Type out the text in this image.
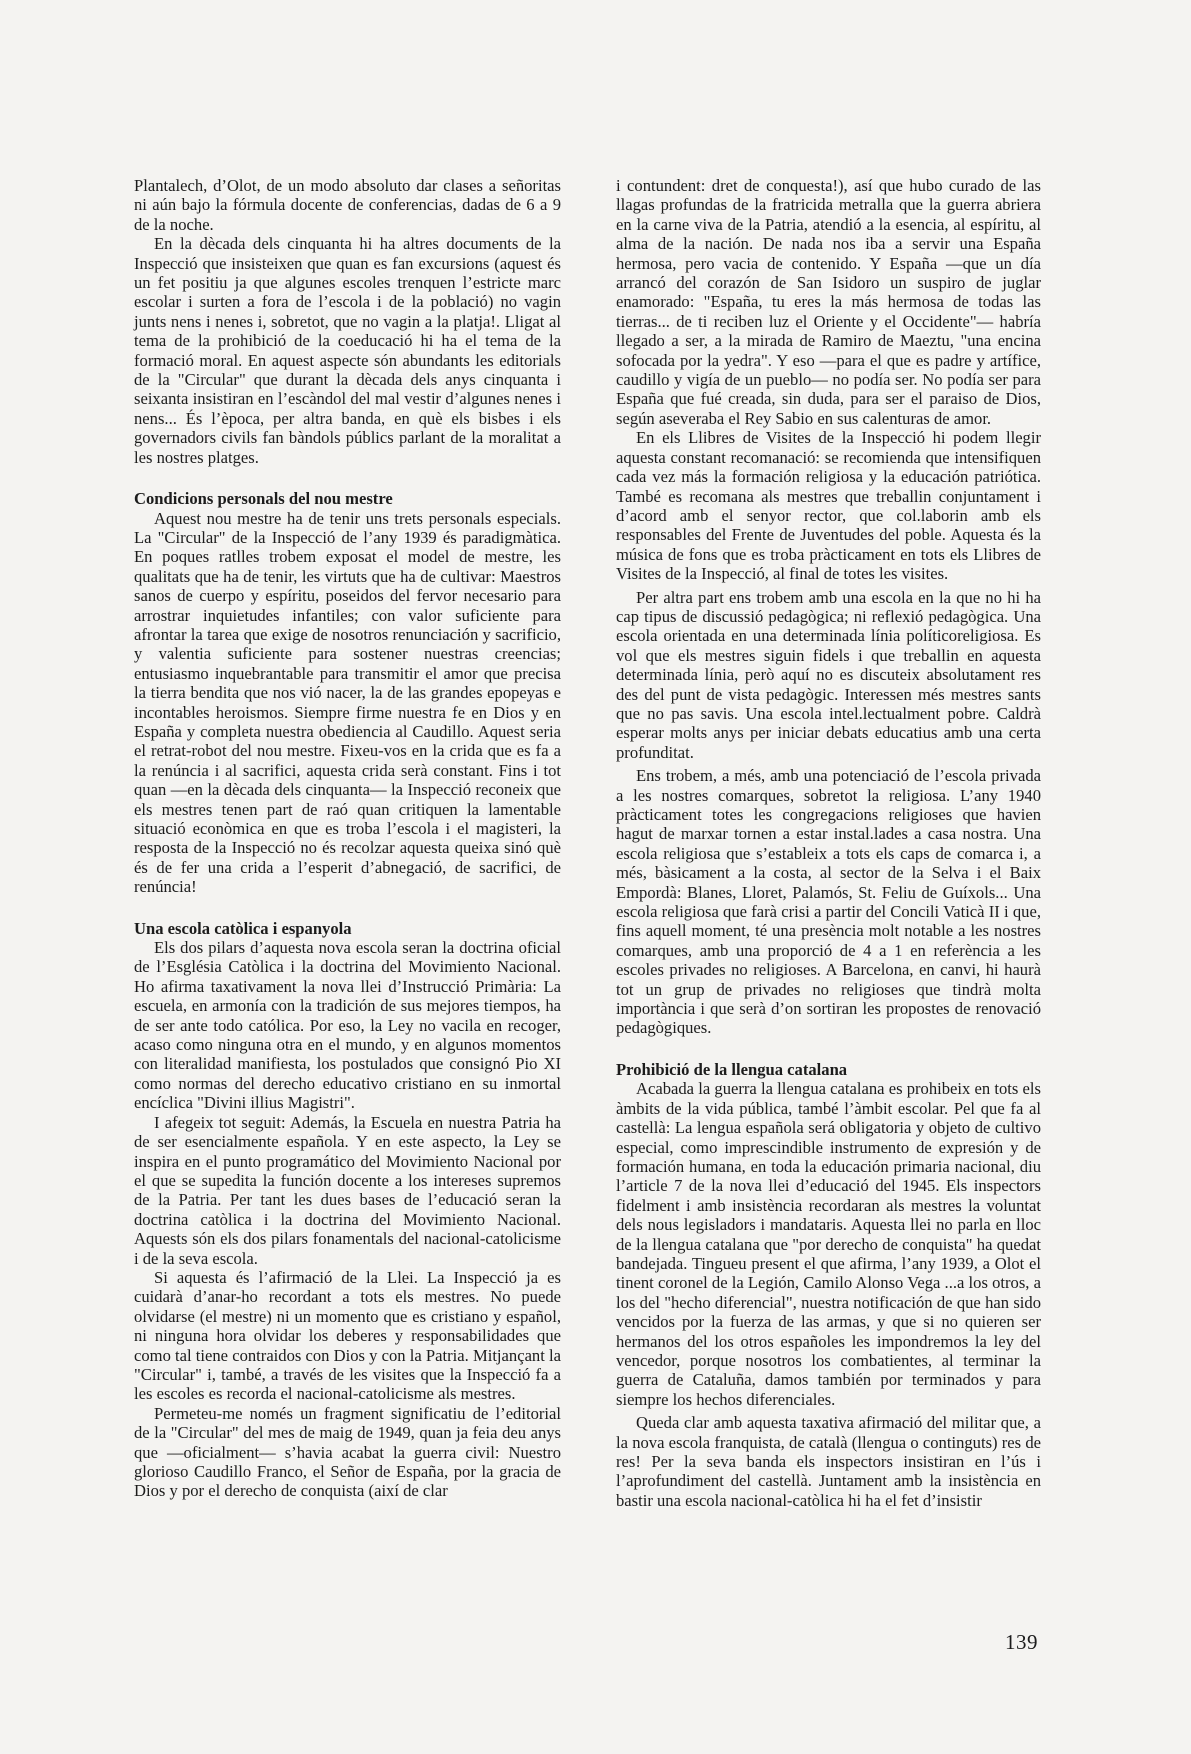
Plantalech, d’Olot, de un modo absoluto dar clases a señoritas ni aún bajo la fórmula docente de conferencias, dadas de 6 a 9 de la noche.

En la dècada dels cinquanta hi ha altres documents de la Inspecció que insisteixen que quan es fan excursions (aquest és un fet positiu ja que algunes escoles trenquen l’estricte marc escolar i surten a fora de l’escola i de la població) no vagin junts nens i nenes i, sobretot, que no vagin a la platja!. Lligat al tema de la prohibició de la coeducació hi ha el tema de la formació moral. En aquest aspecte són abundants les editorials de la "Circular" que durant la dècada dels anys cinquanta i seixanta insistiran en l’escàndol del mal vestir d’algunes nenes i nens... És l’època, per altra banda, en què els bisbes i els governadors civils fan bàndols públics parlant de la moralitat a les nostres platges.

Condicions personals del nou mestre

Aquest nou mestre ha de tenir uns trets personals especials. La "Circular" de la Inspecció de l’any 1939 és paradigmàtica. En poques ratlles trobem exposat el model de mestre, les qualitats que ha de tenir, les virtuts que ha de cultivar: Maestros sanos de cuerpo y espíritu, poseidos del fervor necesario para arrostrar inquietudes infantiles; con valor suficiente para afrontar la tarea que exige de nosotros renunciación y sacrificio, y valentia suficiente para sostener nuestras creencias; entusiasmo inquebrantable para transmitir el amor que precisa la tierra bendita que nos vió nacer, la de las grandes epopeyas e incontables heroismos. Siempre firme nuestra fe en Dios y en España y completa nuestra obediencia al Caudillo. Aquest seria el retrat-robot del nou mestre. Fixeu-vos en la crida que es fa a la renúncia i al sacrifici, aquesta crida serà constant. Fins i tot quan —en la dècada dels cinquanta— la Inspecció reconeix que els mestres tenen part de raó quan critiquen la lamentable situació econòmica en que es troba l’escola i el magisteri, la resposta de la Inspecció no és recolzar aquesta queixa sinó què és de fer una crida a l’esperit d’abnegació, de sacrifici, de renúncia!

Una escola catòlica i espanyola

Els dos pilars d’aquesta nova escola seran la doctrina oficial de l’Església Catòlica i la doctrina del Movimiento Nacional. Ho afirma taxativament la nova llei d’Instrucció Primària: La escuela, en armonía con la tradición de sus mejores tiempos, ha de ser ante todo católica. Por eso, la Ley no vacila en recoger, acaso como ninguna otra en el mundo, y en algunos momentos con literalidad manifiesta, los postulados que consignó Pio XI como normas del derecho educativo cristiano en su inmortal encíclica "Divini illius Magistri".

I afegeix tot seguit: Además, la Escuela en nuestra Patria ha de ser esencialmente española. Y en este aspecto, la Ley se inspira en el punto programático del Movimiento Nacional por el que se supedita la función docente a los intereses supremos de la Patria. Per tant les dues bases de l’educació seran la doctrina catòlica i la doctrina del Movimiento Nacional. Aquests són els dos pilars fonamentals del nacional-catolicisme i de la seva escola.

Si aquesta és l’afirmació de la Llei. La Inspecció ja es cuidarà d’anar-ho recordant a tots els mestres. No puede olvidarse (el mestre) ni un momento que es cristiano y español, ni ninguna hora olvidar los deberes y responsabilidades que como tal tiene contraidos con Dios y con la Patria. Mitjançant la "Circular" i, també, a través de les visites que la Inspecció fa a les escoles es recorda el nacional-catolicisme als mestres.

Permeteu-me només un fragment significatiu de l’editorial de la "Circular" del mes de maig de 1949, quan ja feia deu anys que —oficialment— s’havia acabat la guerra civil: Nuestro glorioso Caudillo Franco, el Señor de España, por la gracia de Dios y por el derecho de conquista (així de clar

i contundent: dret de conquesta!), así que hubo curado de las llagas profundas de la fratricida metralla que la guerra abriera en la carne viva de la Patria, atendió a la esencia, al espíritu, al alma de la nación. De nada nos iba a servir una España hermosa, pero vacia de contenido. Y España —que un día arrancó del corazón de San Isidoro un suspiro de juglar enamorado: "España, tu eres la más hermosa de todas las tierras... de ti reciben luz el Oriente y el Occidente"— habría llegado a ser, a la mirada de Ramiro de Maeztu, "una encina sofocada por la yedra". Y eso —para el que es padre y artífice, caudillo y vigía de un pueblo— no podía ser. No podía ser para España que fué creada, sin duda, para ser el paraiso de Dios, según aseveraba el Rey Sabio en sus calenturas de amor.

En els Llibres de Visites de la Inspecció hi podem llegir aquesta constant recomanació: se recomienda que intensifiquen cada vez más la formación religiosa y la educación patriótica. També es recomana als mestres que treballin conjuntament i d’acord amb el senyor rector, que col.laborin amb els responsables del Frente de Juventudes del poble. Aquesta és la música de fons que es troba pràcticament en tots els Llibres de Visites de la Inspecció, al final de totes les visites.

Per altra part ens trobem amb una escola en la que no hi ha cap tipus de discussió pedagògica; ni reflexió pedagògica. Una escola orientada en una determinada línia políticoreligiosa. Es vol que els mestres siguin fidels i que treballin en aquesta determinada línia, però aquí no es discuteix absolutament res des del punt de vista pedagògic. Interessen més mestres sants que no pas savis. Una escola intel.lectualment pobre. Caldrà esperar molts anys per iniciar debats educatius amb una certa profunditat.

Ens trobem, a més, amb una potenciació de l’escola privada a les nostres comarques, sobretot la religiosa. L’any 1940 pràcticament totes les congregacions religioses que havien hagut de marxar tornen a estar instal.lades a casa nostra. Una escola religiosa que s’estableix a tots els caps de comarca i, a més, bàsicament a la costa, al sector de la Selva i el Baix Empordà: Blanes, Lloret, Palamós, St. Feliu de Guíxols... Una escola religiosa que farà crisi a partir del Concili Vaticà II i que, fins aquell moment, té una presència molt notable a les nostres comarques, amb una proporció de 4 a 1 en referència a les escoles privades no religioses. A Barcelona, en canvi, hi haurà tot un grup de privades no religioses que tindrà molta importància i que serà d’on sortiran les propostes de renovació pedagògiques.

Prohibició de la llengua catalana

Acabada la guerra la llengua catalana es prohibeix en tots els àmbits de la vida pública, també l’àmbit escolar. Pel que fa al castellà: La lengua española será obligatoria y objeto de cultivo especial, como imprescindible instrumento de expresión y de formación humana, en toda la educación primaria nacional, diu l’article 7 de la nova llei d’educació del 1945. Els inspectors fidelment i amb insistència recordaran als mestres la voluntat dels nous legisladors i mandataris. Aquesta llei no parla en lloc de la llengua catalana que "por derecho de conquista" ha quedat bandejada. Tingueu present el que afirma, l’any 1939, a Olot el tinent coronel de la Legión, Camilo Alonso Vega ...a los otros, a los del "hecho diferencial", nuestra notificación de que han sido vencidos por la fuerza de las armas, y que si no quieren ser hermanos del los otros españoles les impondremos la ley del vencedor, porque nosotros los combatientes, al terminar la guerra de Cataluña, damos también por terminados y para siempre los hechos diferenciales.

Queda clar amb aquesta taxativa afirmació del militar que, a la nova escola franquista, de català (llengua o continguts) res de res! Per la seva banda els inspectors insistiran en l’ús i l’aprofundiment del castellà. Juntament amb la insistència en bastir una escola nacional-catòlica hi ha el fet d’insistir

139
